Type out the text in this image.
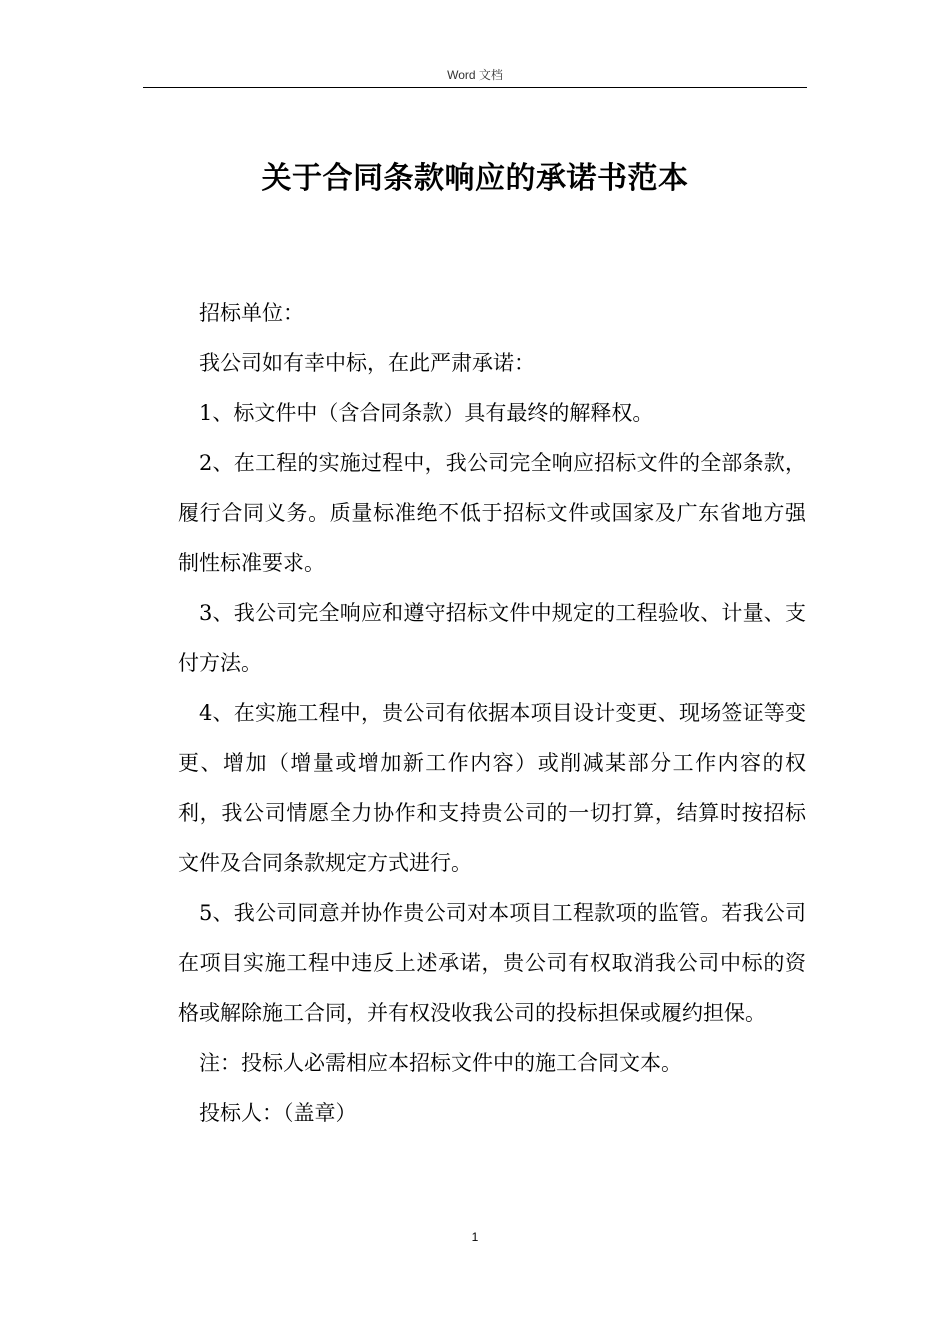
Word 文档
关于合同条款响应的承诺书范本

招标单位：

我公司如有幸中标，在此严肃承诺：

1、标文件中（含合同条款）具有最终的解释权。

2、在工程的实施过程中，我公司完全响应招标文件的全部条款，履行合同义务。质量标准绝不低于招标文件或国家及广东省地方强制性标准要求。

3、我公司完全响应和遵守招标文件中规定的工程验收、计量、支付方法。

4、在实施工程中，贵公司有依据本项目设计变更、现场签证等变更、增加（增量或增加新工作内容）或削减某部分工作内容的权利，我公司情愿全力协作和支持贵公司的一切打算，结算时按招标文件及合同条款规定方式进行。

5、我公司同意并协作贵公司对本项目工程款项的监管。若我公司在项目实施工程中违反上述承诺，贵公司有权取消我公司中标的资格或解除施工合同，并有权没收我公司的投标担保或履约担保。

注：投标人必需相应本招标文件中的施工合同文本。

投标人：（盖章）

1
